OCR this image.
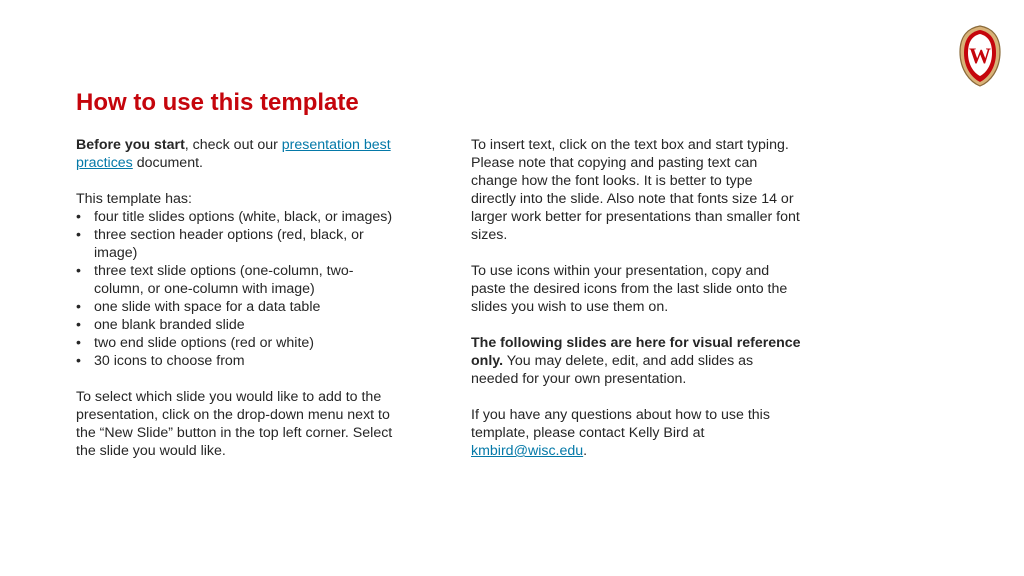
W
How to use this template

Before you start, check out our presentation best practices document.

This template has:

• four title slides options (white, black, or images)
• three section header options (red, black, or image)
• three text slide options (one-column, two-column, or one-column with image)
• one slide with space for a data table
• one blank branded slide
• two end slide options (red or white)
• 30 icons to choose from

To select which slide you would like to add to the presentation, click on the drop-down menu next to the “New Slide” button in the top left corner. Select the slide you would like.

To insert text, click on the text box and start typing. Please note that copying and pasting text can change how the font looks. It is better to type directly into the slide. Also note that fonts size 14 or larger work better for presentations than smaller font sizes.

To use icons within your presentation, copy and paste the desired icons from the last slide onto the slides you wish to use them on.

The following slides are here for visual reference only. You may delete, edit, and add slides as needed for your own presentation.

If you have any questions about how to use this template, please contact Kelly Bird at kmbird@wisc.edu.
